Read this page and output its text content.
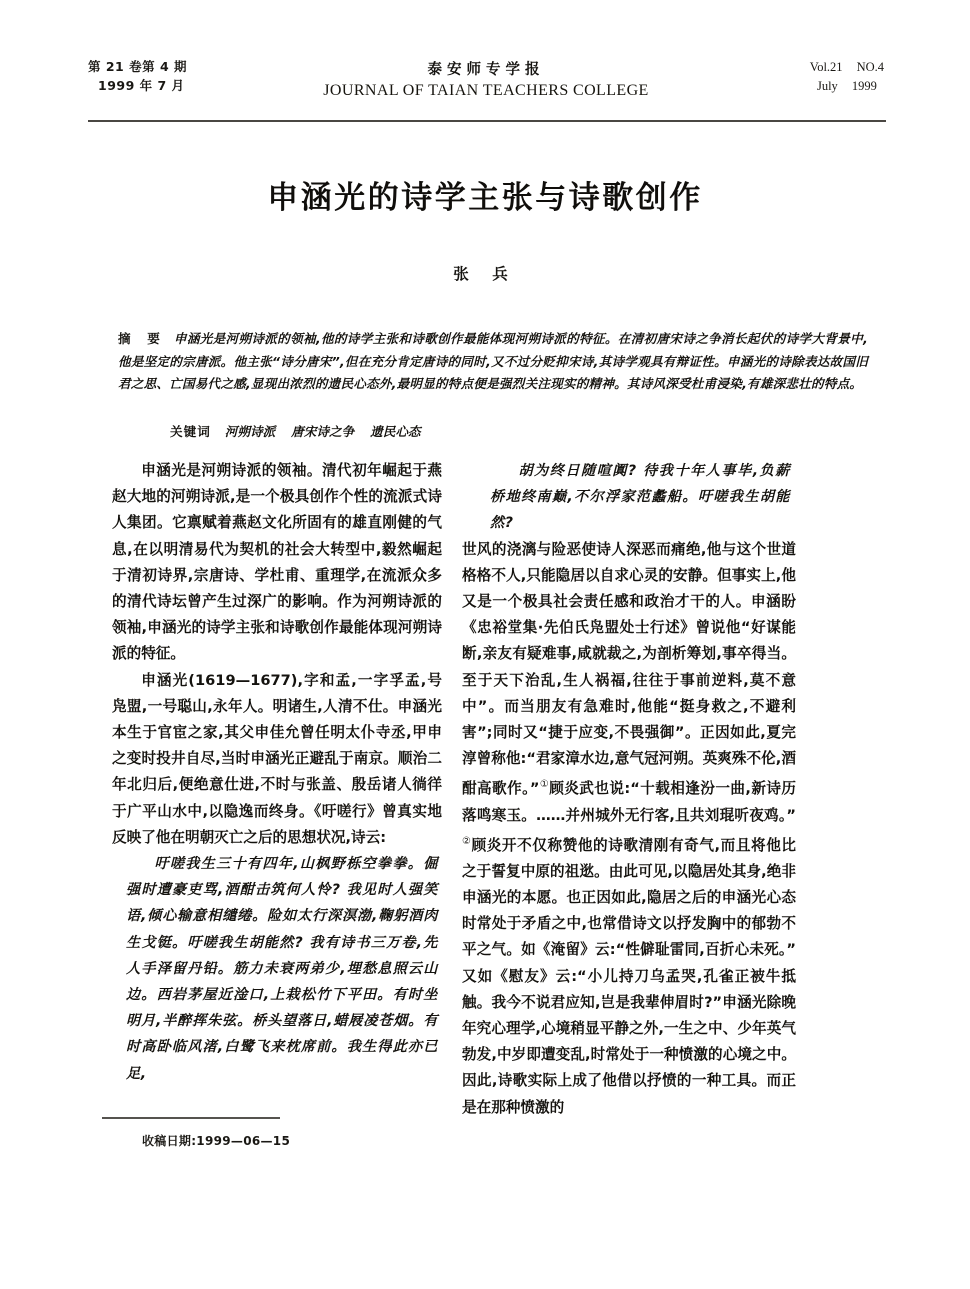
第 21 卷第 4 期
1999 年 7 月
泰安师专学报
JOURNAL OF TAIAN TEACHERS COLLEGE
Vol.21 NO.4
July 1999
申涵光的诗学主张与诗歌创作
张 兵
摘 要 申涵光是河朔诗派的领袖,他的诗学主张和诗歌创作最能体现河朔诗派的特征。在清初唐宋诗之争消长起伏的诗学大背景中,他是坚定的宗唐派。他主张“诗分唐宋”,但在充分肯定唐诗的同时,又不过分贬抑宋诗,其诗学观具有辩证性。申涵光的诗除表达故国旧君之思、亡国易代之感,显现出浓烈的遗民心态外,最明显的特点便是强烈关注现实的精神。其诗风深受杜甫浸染,有雄深悲壮的特点。
关键词 河朔诗派 唐宋诗之争 遗民心态

申涵光是河朔诗派的领袖。清代初年崛起于燕赵大地的河朔诗派,是一个极具创作个性的流派式诗人集团。它禀赋着燕赵文化所固有的雄直刚健的气息,在以明清易代为契机的社会大转型中,毅然崛起于清初诗界,宗唐诗、学杜甫、重理学,在流派众多的清代诗坛曾产生过深广的影响。作为河朔诗派的领袖,申涵光的诗学主张和诗歌创作最能体现河朔诗派的特征。

申涵光(1619—1677),字和孟,一字孚孟,号凫盟,一号聪山,永年人。明诸生,人清不仕。申涵光本生于官宦之家,其父申佳允曾任明太仆寺丞,甲申之变时投井自尽,当时申涵光正避乱于南京。顺治二年北归后,便绝意仕进,不时与张盖、殷岳诸人徜徉于广平山水中,以隐逸而终身。《吁嗟行》曾真实地反映了他在明朝灭亡之后的思想状况,诗云:

吁嗟我生三十有四年,山枫野栎空拳拳。倔强时遭豪吏骂,酒酣击筑何人怜? 我见时人强笑语,倾心输意相缱绻。险如太行深溟渤,鞠躬酒肉生戈铤。吁嗟我生胡能然? 我有诗书三万卷,先人手泽留丹铅。筋力未衰两弟少,埋愁息照云山边。西岩茅屋近淦口,上栽松竹下平田。有时坐明月,半醉挥朱弦。桥头望落日,蜡屐凌苍烟。有时高卧临风渚,白鹭飞来枕席前。我生得此亦已足,

胡为终日随喧阗? 待我十年人事毕,负薪桥地终南巅,不尔浮家范蠡船。吁嗟我生胡能然?

世风的浇漓与险恶使诗人深恶而痛绝,他与这个世道格格不人,只能隐居以自求心灵的安静。但事实上,他又是一个极具社会责任感和政治才干的人。申涵盼《忠裕堂集·先伯氏凫盟处士行述》曾说他“好谋能断,亲友有疑难事,咸就裁之,为剖析筹划,事卒得当。至于天下治乱,生人祸福,往往于事前逆料,莫不意中”。而当朋友有急难时,他能“挺身救之,不避利害”;同时又“捷于应变,不畏强御”。正因如此,夏完淳曾称他:“君家漳水边,意气冠河朔。英爽殊不伦,酒酣高歌作。”①顾炎武也说:“十载相逢汾一曲,新诗历落鸣寒玉。……并州城外无行客,且共刘琨听夜鸡。”②顾炎开不仅称赞他的诗歌清刚有奇气,而且将他比之于誓复中原的祖逖。由此可见,以隐居处其身,绝非申涵光的本愿。也正因如此,隐居之后的申涵光心态时常处于矛盾之中,也常借诗文以抒发胸中的郁勃不平之气。如《淹留》云:“性僻耻雷同,百折心未死。”又如《慰友》云:“小儿持刀乌孟哭,孔雀正被牛抵触。我今不说君应知,岂是我辈伸眉时?”申涵光除晚年究心理学,心境稍显平静之外,一生之中、少年英气勃发,中岁即遭变乱,时常处于一种愤激的心境之中。因此,诗歌实际上成了他借以抒愤的一种工具。而正是在那种愤激的

收稿日期:1999—06—15
